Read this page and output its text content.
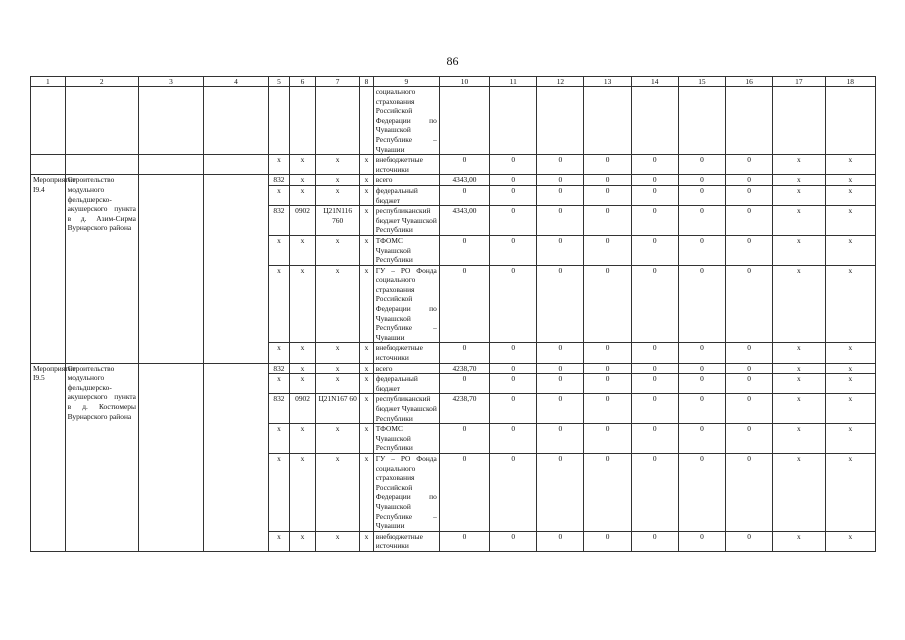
86
1	2	3	4	5	6	7	8	9	10	11	12	13	14	15	16	17	18
								социального страхования Российской Федерации по Чувашской Республике – Чувашии									
				х	х	х	х	внебюджетные источники	0	0	0	0	0	0	0	х	х
Мероприятие I9.4	Строительство модульного фельдшерско-акушерского пункта в д. Азим-Сирма Вурнарского района			832	х	х	х	всего	4343,00	0	0	0	0	0	0	х	х
				х	х	х	х	федеральный бюджет	0	0	0	0	0	0	0	х	х
				832	0902	Ц21N116 760	х	республиканский бюджет Чувашской Республики	4343,00	0	0	0	0	0	0	х	х
				х	х	х	х	ТФОМС Чувашской Республики	0	0	0	0	0	0	0	х	х
				х	х	х	х	ГУ – РО Фонда социального страхования Российской Федерации по Чувашской Республике – Чувашии	0	0	0	0	0	0	0	х	х
				х	х	х	х	внебюджетные источники	0	0	0	0	0	0	0	х	х
Мероприятие I9.5	Строительство модульного фельдшерско-акушерского пункта в д. Костюмеры Вурнарского района			832	х	х	х	всего	4238,70	0	0	0	0	0	0	х	х
				х	х	х	х	федеральный бюджет	0	0	0	0	0	0	0	х	х
				832	0902	Ц21N167 60	х	республиканский бюджет Чувашской Республики	4238,70	0	0	0	0	0	0	х	х
				х	х	х	х	ТФОМС Чувашской Республики	0	0	0	0	0	0	0	х	х
				х	х	х	х	ГУ – РО Фонда социального страхования Российской Федерации по Чувашской Республике – Чувашии	0	0	0	0	0	0	0	х	х
				х	х	х	х	внебюджетные источники	0	0	0	0	0	0	0	х	х
